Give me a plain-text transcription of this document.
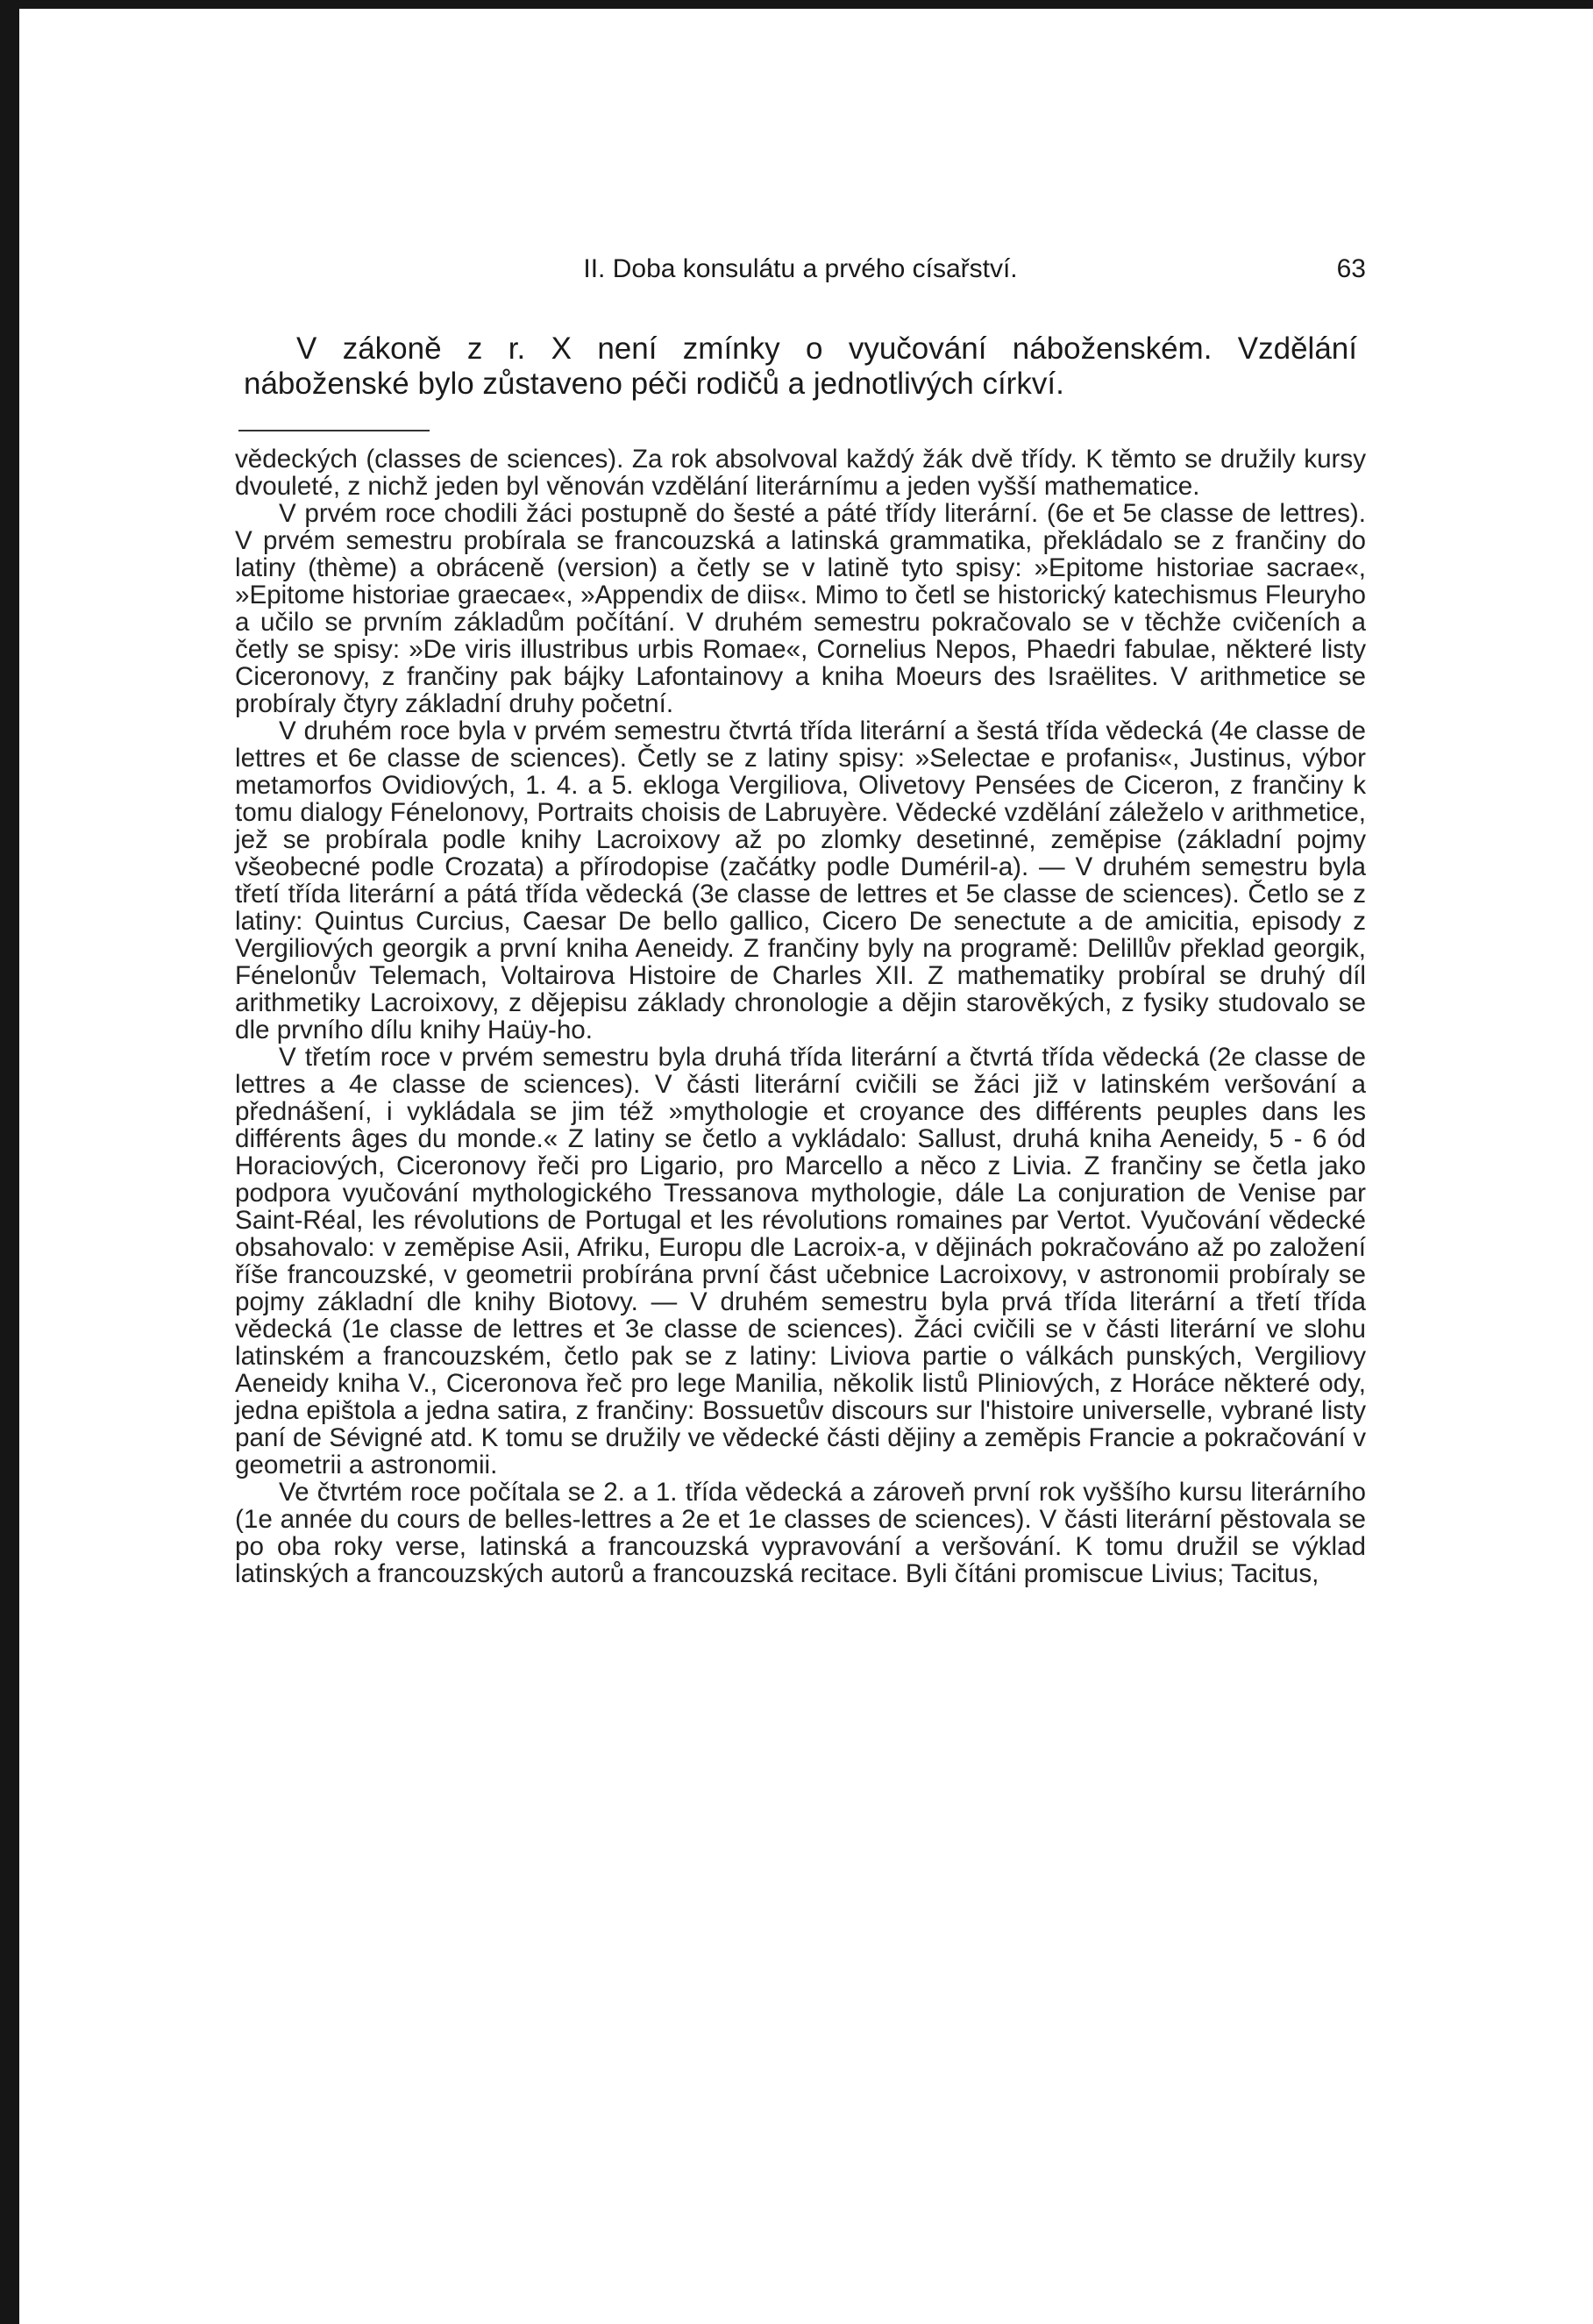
II. Doba konsulátu a prvého císařství.	63

V zákoně z r. X není zmínky o vyučování náboženském. Vzdělání náboženské bylo zůstaveno péči rodičů a jednotlivých církví.

vědeckých (classes de sciences). Za rok absolvoval každý žák dvě třídy. K těmto se družily kursy dvouleté, z nichž jeden byl věnován vzdělání literárnímu a jeden vyšší mathematice.

V prvém roce chodili žáci postupně do šesté a páté třídy literární. (6e et 5e classe de lettres). V prvém semestru probírala se francouzská a latinská grammatika, překládalo se z frančiny do latiny (thème) a obráceně (version) a četly se v latině tyto spisy: »Epitome historiae sacrae«, »Epitome historiae graecae«, »Appendix de diis«. Mimo to četl se historický katechismus Fleuryho a učilo se prvním základům počítání. V druhém semestru pokračovalo se v těchže cvičeních a četly se spisy: »De viris illustribus urbis Romae«, Cornelius Nepos, Phaedri fabulae, některé listy Ciceronovy, z frančiny pak bájky Lafontainovy a kniha Moeurs des Israëlites. V arithmetice se probíraly čtyry základní druhy početní.

V druhém roce byla v prvém semestru čtvrtá třída literární a šestá třída vědecká (4e classe de lettres et 6e classe de sciences). Četly se z latiny spisy: »Selectae e profanis«, Justinus, výbor metamorfos Ovidiových, 1. 4. a 5. ekloga Vergiliova, Olivetovy Pensées de Ciceron, z frančiny k tomu dialogy Fénelonovy, Portraits choisis de Labruyère. Vědecké vzdělání záleželo v arithmetice, jež se probírala podle knihy Lacroixovy až po zlomky desetinné, zeměpise (základní pojmy všeobecné podle Crozata) a přírodopise (začátky podle Duméril‑a). — V druhém semestru byla třetí třída literární a pátá třída vědecká (3e classe de lettres et 5e classe de sciences). Četlo se z latiny: Quintus Curcius, Caesar De bello gallico, Cicero De senectute a de amicitia, episody z Vergiliových georgik a první kniha Aeneidy. Z frančiny byly na programě: Delillův překlad georgik, Fénelonův Telemach, Voltairova Histoire de Charles XII. Z mathematiky probíral se druhý díl arithmetiky Lacroixovy, z dějepisu základy chronologie a dějin starověkých, z fysiky studovalo se dle prvního dílu knihy Haüy‑ho.

V třetím roce v prvém semestru byla druhá třída literární a čtvrtá třída vědecká (2e classe de lettres a 4e classe de sciences). V části literární cvičili se žáci již v latinském veršování a přednášení, i vykládala se jim též »mythologie et croyance des différents peuples dans les différents âges du monde.« Z latiny se četlo a vykládalo: Sallust, druhá kniha Aeneidy, 5 ‑ 6 ód Horaciových, Ciceronovy řeči pro Ligario, pro Marcello a něco z Livia. Z frančiny se četla jako podpora vyučování mythologického Tressanova mythologie, dále La conjuration de Venise par Saint‑Réal, les révolutions de Portugal et les révolutions romaines par Vertot. Vyučování vědecké obsahovalo: v zeměpise Asii, Afriku, Europu dle Lacroix‑a, v dějinách pokračováno až po založení říše francouzské, v geometrii probírána první část učebnice Lacroixovy, v astronomii probíraly se pojmy základní dle knihy Biotovy. — V druhém semestru byla prvá třída literární a třetí třída vědecká (1e classe de lettres et 3e classe de sciences). Žáci cvičili se v části literární ve slohu latinském a francouzském, četlo pak se z latiny: Liviova partie o válkách punských, Vergiliovy Aeneidy kniha V., Ciceronova řeč pro lege Manilia, několik listů Pliniových, z Horáce některé ody, jedna epištola a jedna satira, z frančiny: Bossuetův discours sur l'histoire universelle, vybrané listy paní de Sévigné atd. K tomu se družily ve vědecké části dějiny a zeměpis Francie a pokračování v geometrii a astronomii.

Ve čtvrtém roce počítala se 2. a 1. třída vědecká a zároveň první rok vyššího kursu literárního (1e année du cours de belles‑lettres a 2e et 1e classes de sciences). V části literární pěstovala se po oba roky verse, latinská a francouzská vypravování a veršování. K tomu družil se výklad latinských a francouzských autorů a francouzská recitace. Byli čítáni promiscue Livius; Tacitus,
